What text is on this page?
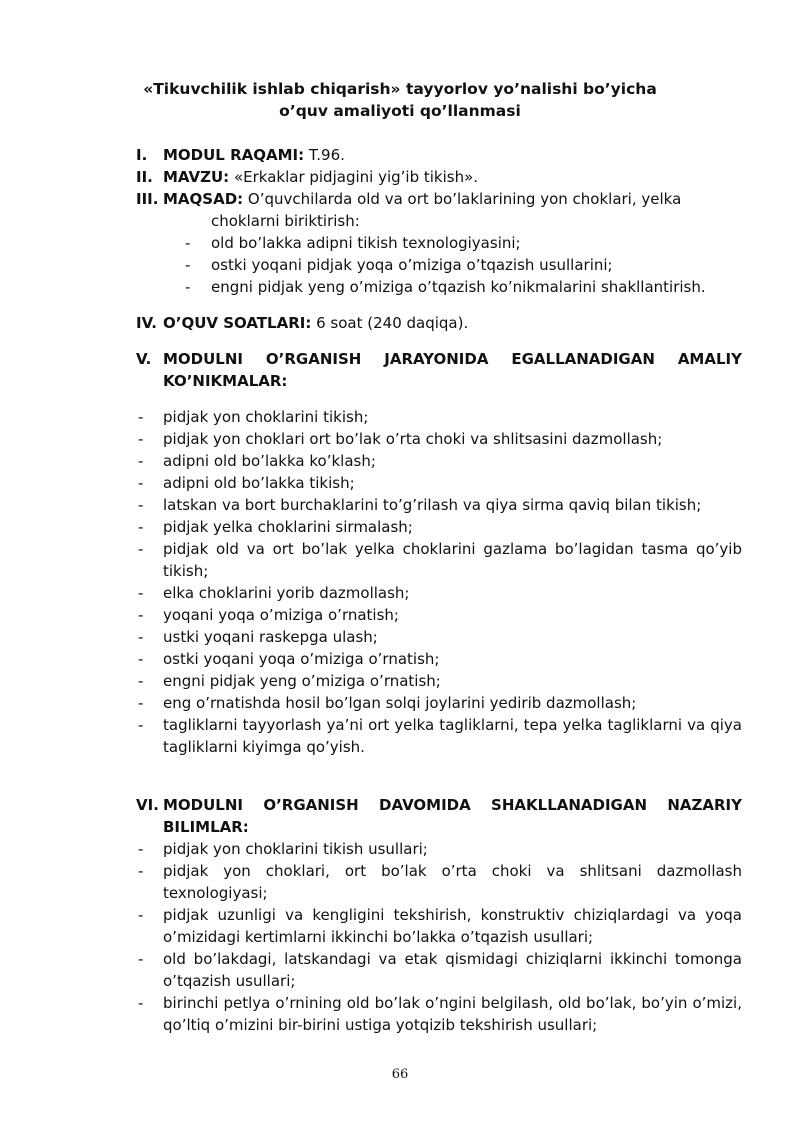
«Tikuvchilik ishlab chiqarish» tayyorlov yo’nalishi bo’yicha
o’quv amaliyoti qo’llanmasi
I. MODUL RAQAMI: T.96.
II. MAVZU: «Erkaklar pidjagini yig’ib tikish».
III. MAQSAD: O’quvchilarda old va ort bo’laklarining yon choklari, yelka
choklarni biriktirish:
- old bo’lakka adipni tikish texnologiyasini;
- ostki yoqani pidjak yoqa o’miziga o’tqazish usullarini;
- engni pidjak yeng o’miziga o’tqazish ko’nikmalarini shakllantirish.
IV. O’QUV SOATLARI: 6 soat (240 daqiqa).
V. MODULNI O’RGANISH JARAYONIDA EGALLANADIGAN AMALIY
KO’NIKMALAR:
- pidjak yon choklarini tikish;
- pidjak yon choklari ort bo’lak o’rta choki va shlitsasini dazmollash;
- adipni old bo’lakka ko’klash;
- adipni old bo’lakka tikish;
- latskan va bort burchaklarini to’g’rilash va qiya sirma qaviq bilan tikish;
- pidjak yelka choklarini sirmalash;
- pidjak old va ort bo’lak yelka choklarini gazlama bo’lagidan tasma qo’yib tikish;
- elka choklarini yorib dazmollash;
- yoqani yoqa o’miziga o’rnatish;
- ustki yoqani raskepga ulash;
- ostki yoqani yoqa o’miziga o’rnatish;
- engni pidjak yeng o’miziga o’rnatish;
- eng o’rnatishda hosil bo’lgan solqi joylarini yedirib dazmollash;
- tagliklarni tayyorlash ya’ni ort yelka tagliklarni, tepa yelka tagliklarni va qiya tagliklarni kiyimga qo’yish.
VI. MODULNI O’RGANISH DAVOMIDA SHAKLLANADIGAN NAZARIY
BILIMLAR:
- pidjak yon choklarini tikish usullari;
- pidjak yon choklari, ort bo’lak o’rta choki va shlitsani dazmollash texnologiyasi;
- pidjak uzunligi va kengligini tekshirish, konstruktiv chiziqlardagi va yoqa o’mizidagi kertimlarni ikkinchi bo’lakka o’tqazish usullari;
- old bo’lakdagi, latskandagi va etak qismidagi chiziqlarni ikkinchi tomonga o’tqazish usullari;
- birinchi petlya o’rnining old bo’lak o’ngini belgilash, old bo’lak, bo’yin o’mizi, qo’ltiq o’mizini bir-birini ustiga yotqizib tekshirish usullari;
66
